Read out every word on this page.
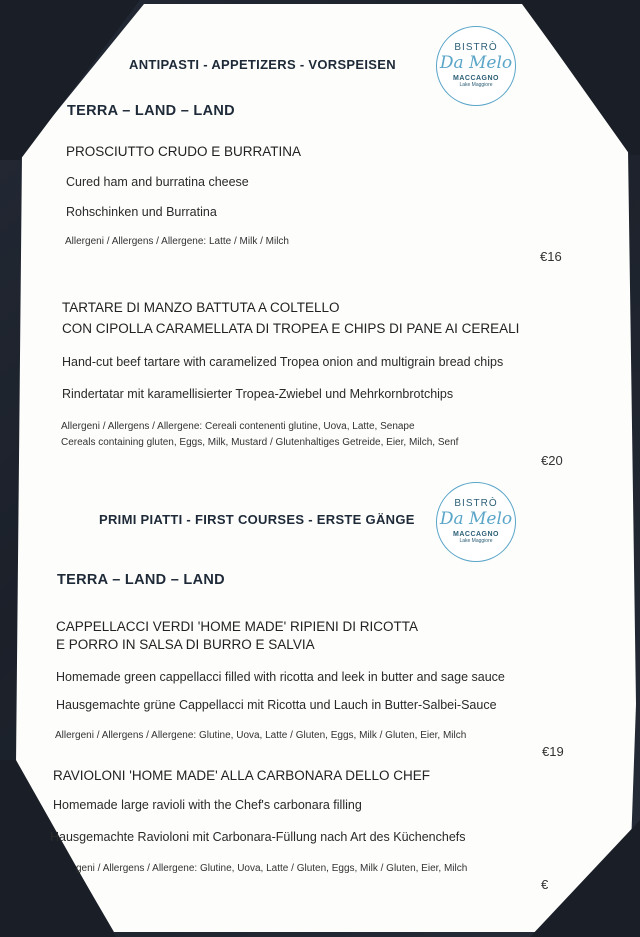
ANTIPASTI - APPETIZERS - VORSPEISEN
BISTRÒ
Da Melo
MACCAGNO
Lake Maggiore
TERRA – LAND – LAND
PROSCIUTTO CRUDO E BURRATINA
Cured ham and burratina cheese
Rohschinken und Burratina
Allergeni / Allergens / Allergene: Latte / Milk / Milch
€16
TARTARE DI MANZO BATTUTA A COLTELLO
CON CIPOLLA CARAMELLATA DI TROPEA E CHIPS DI PANE AI CEREALI
Hand-cut beef tartare with caramelized Tropea onion and multigrain bread chips
Rindertatar mit karamellisierter Tropea-Zwiebel und Mehrkornbrotchips
Allergeni / Allergens / Allergene: Cereali contenenti glutine, Uova, Latte, Senape
Cereals containing gluten, Eggs, Milk, Mustard / Glutenhaltiges Getreide, Eier, Milch, Senf
€20
PRIMI PIATTI - FIRST COURSES - ERSTE GÄNGE
BISTRÒ
Da Melo
MACCAGNO
Lake Maggiore
TERRA – LAND – LAND
CAPPELLACCI VERDI 'HOME MADE' RIPIENI DI RICOTTA
E PORRO IN SALSA DI BURRO E SALVIA
Homemade green cappellacci filled with ricotta and leek in butter and sage sauce
Hausgemachte grüne Cappellacci mit Ricotta und Lauch in Butter-Salbei-Sauce
Allergeni / Allergens / Allergene: Glutine, Uova, Latte / Gluten, Eggs, Milk / Gluten, Eier, Milch
€19
RAVIOLONI 'HOME MADE' ALLA CARBONARA DELLO CHEF
Homemade large ravioli with the Chef's carbonara filling
Hausgemachte Ravioloni mit Carbonara-Füllung nach Art des Küchenchefs
geni / Allergens / Allergene: Glutine, Uova, Latte / Gluten, Eggs, Milk / Gluten, Eier, Milch
€
